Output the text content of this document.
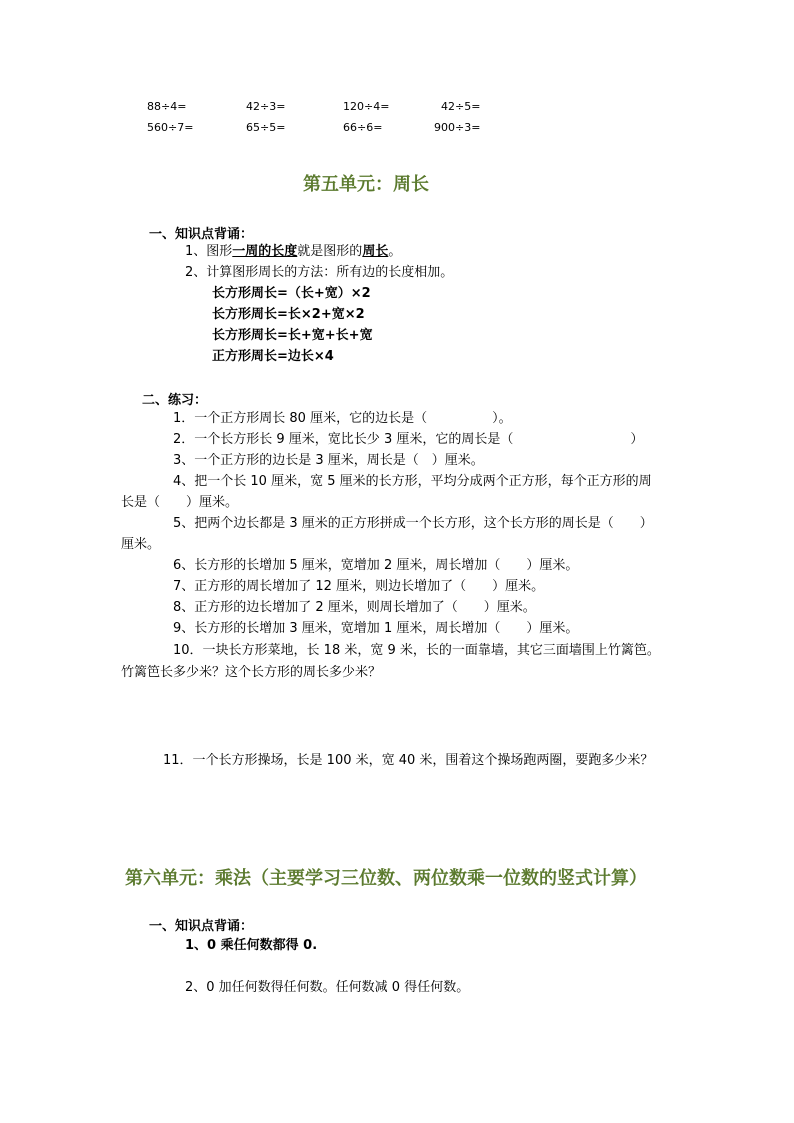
88÷4=	42÷3=	120÷4=	42÷5=
560÷7=	65÷5=	66÷6=	900÷3=
第五单元：周长
一、知识点背诵：
1、图形一周的长度就是图形的周长。
2、计算图形周长的方法：所有边的长度相加。
长方形周长=（长+宽）×2
长方形周长=长×2+宽×2
长方形周长=长+宽+长+宽
正方形周长=边长×4
二、练习：
1．一个正方形周长 80 厘米，它的边长是（　　　　　）。
2．一个长方形长 9 厘米，宽比长少 3 厘米，它的周长是（　　　　　　　　　）
3、一个正方形的边长是 3 厘米，周长是（　）厘米。
4、把一个长 10 厘米，宽 5 厘米的长方形，平均分成两个正方形，每个正方形的周
长是（　　）厘米。
5、把两个边长都是 3 厘米的正方形拼成一个长方形，这个长方形的周长是（　　）
厘米。
6、长方形的长增加 5 厘米，宽增加 2 厘米，周长增加（　　）厘米。
7、正方形的周长增加了 12 厘米，则边长增加了（　　）厘米。
8、正方形的边长增加了 2 厘米，则周长增加了（　　）厘米。
9、长方形的长增加 3 厘米，宽增加 1 厘米，周长增加（　　）厘米。
10．一块长方形菜地，长 18 米，宽 9 米，长的一面靠墙，其它三面墙围上竹篱笆。
竹篱笆长多少米？这个长方形的周长多少米？
11．一个长方形操场，长是 100 米，宽 40 米，围着这个操场跑两圈，要跑多少米？
第六单元：乘法（主要学习三位数、两位数乘一位数的竖式计算）
一、知识点背诵：
1、0 乘任何数都得 0.
2、0 加任何数得任何数。任何数减 0 得任何数。
